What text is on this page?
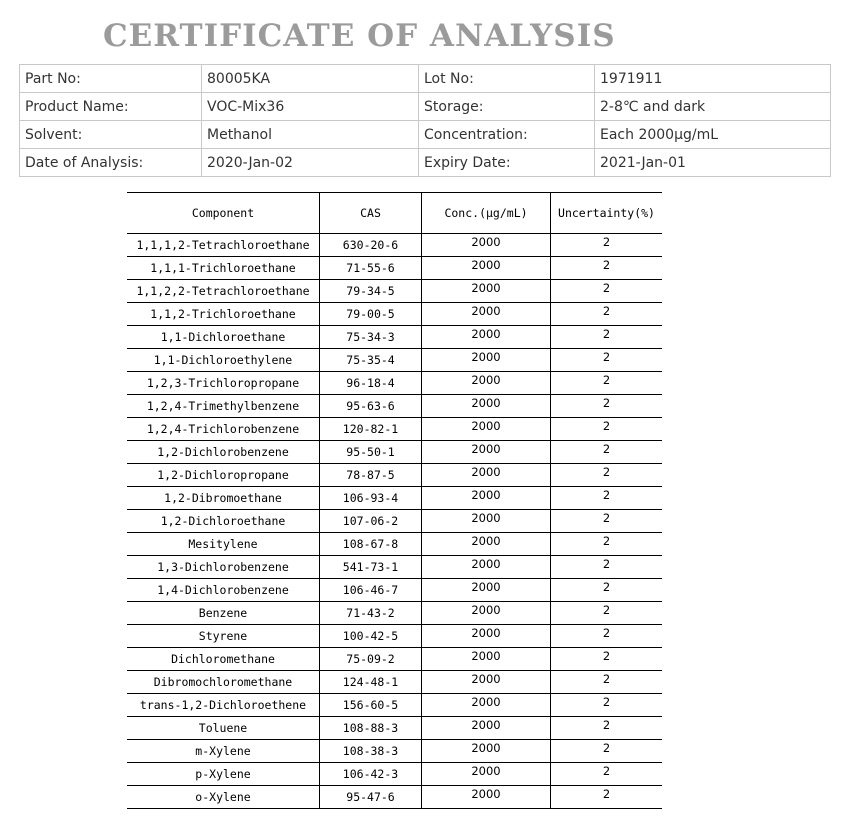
CERTIFICATE OF ANALYSIS
Part No:	80005KA	Lot No:	1971911
Product Name:	VOC-Mix36	Storage:	2-8℃ and dark
Solvent:	Methanol	Concentration:	Each 2000μg/mL
Date of Analysis:	2020-Jan-02	Expiry Date:	2021-Jan-01
Component	CAS	Conc.(μg/mL)	Uncertainty(%)
1,1,1,2-Tetrachloroethane	630-20-6	2000	2
1,1,1-Trichloroethane	71-55-6	2000	2
1,1,2,2-Tetrachloroethane	79-34-5	2000	2
1,1,2-Trichloroethane	79-00-5	2000	2
1,1-Dichloroethane	75-34-3	2000	2
1,1-Dichloroethylene	75-35-4	2000	2
1,2,3-Trichloropropane	96-18-4	2000	2
1,2,4-Trimethylbenzene	95-63-6	2000	2
1,2,4-Trichlorobenzene	120-82-1	2000	2
1,2-Dichlorobenzene	95-50-1	2000	2
1,2-Dichloropropane	78-87-5	2000	2
1,2-Dibromoethane	106-93-4	2000	2
1,2-Dichloroethane	107-06-2	2000	2
Mesitylene	108-67-8	2000	2
1,3-Dichlorobenzene	541-73-1	2000	2
1,4-Dichlorobenzene	106-46-7	2000	2
Benzene	71-43-2	2000	2
Styrene	100-42-5	2000	2
Dichloromethane	75-09-2	2000	2
Dibromochloromethane	124-48-1	2000	2
trans-1,2-Dichloroethene	156-60-5	2000	2
Toluene	108-88-3	2000	2
m-Xylene	108-38-3	2000	2
p-Xylene	106-42-3	2000	2
o-Xylene	95-47-6	2000	2
